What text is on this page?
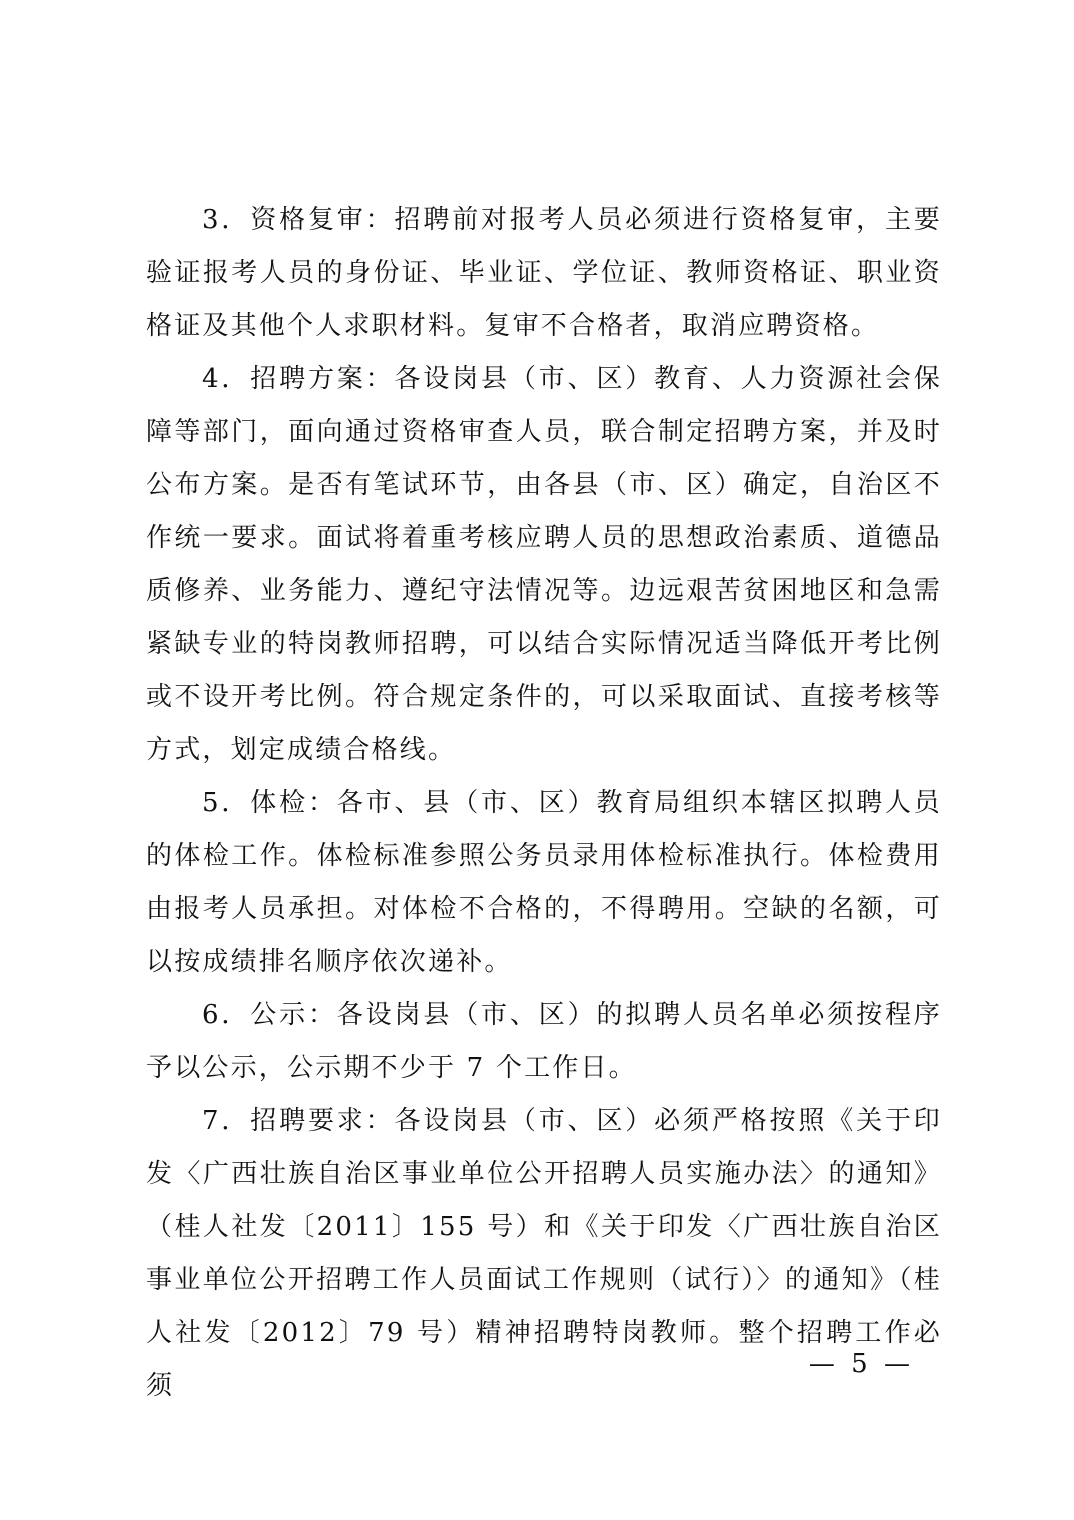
3．资格复审：招聘前对报考人员必须进行资格复审，主要验证报考人员的身份证、毕业证、学位证、教师资格证、职业资格证及其他个人求职材料。复审不合格者，取消应聘资格。

4．招聘方案：各设岗县（市、区）教育、人力资源社会保障等部门，面向通过资格审查人员，联合制定招聘方案，并及时公布方案。是否有笔试环节，由各县（市、区）确定，自治区不作统一要求。面试将着重考核应聘人员的思想政治素质、道德品质修养、业务能力、遵纪守法情况等。边远艰苦贫困地区和急需紧缺专业的特岗教师招聘，可以结合实际情况适当降低开考比例或不设开考比例。符合规定条件的，可以采取面试、直接考核等方式，划定成绩合格线。

5．体检：各市、县（市、区）教育局组织本辖区拟聘人员的体检工作。体检标准参照公务员录用体检标准执行。体检费用由报考人员承担。对体检不合格的，不得聘用。空缺的名额，可以按成绩排名顺序依次递补。

6．公示：各设岗县（市、区）的拟聘人员名单必须按程序予以公示，公示期不少于 7 个工作日。

7．招聘要求：各设岗县（市、区）必须严格按照《关于印发〈广西壮族自治区事业单位公开招聘人员实施办法〉的通知》（桂人社发〔2011〕155 号）和《关于印发〈广西壮族自治区事业单位公开招聘工作人员面试工作规则（试行）〉的通知》（桂人社发〔2012〕79 号）精神招聘特岗教师。整个招聘工作必须

— 5 —
